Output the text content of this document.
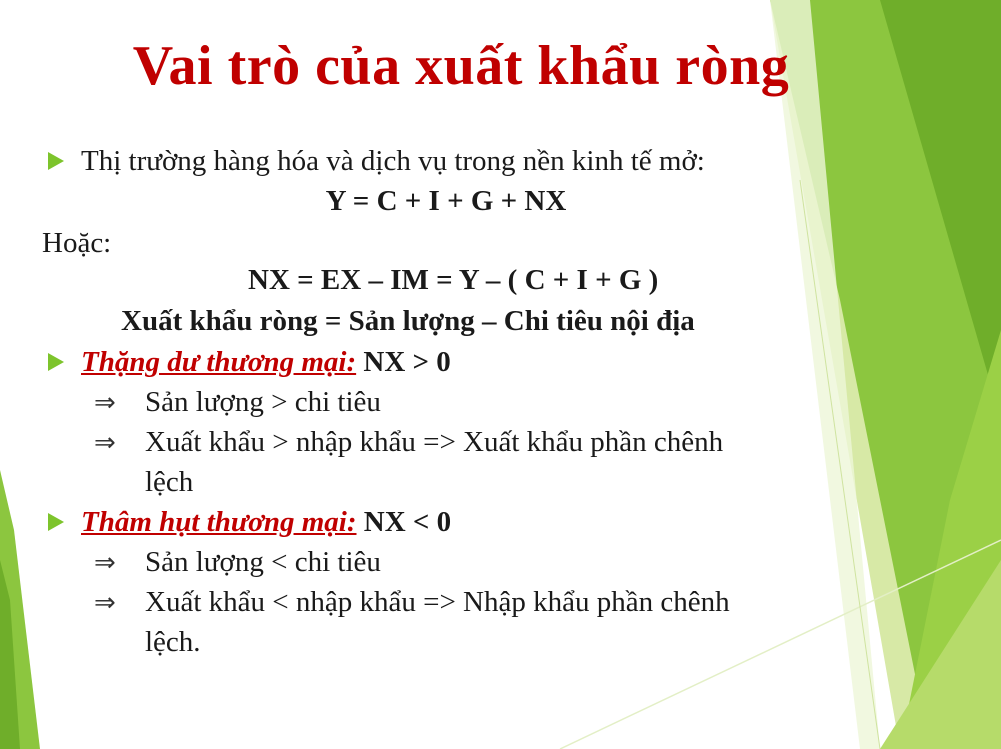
Vai trò của xuất khẩu ròng
Thị trường hàng hóa và dịch vụ trong nền kinh tế mở:
Y = C + I + G + NX
Hoặc:
NX = EX – IM = Y – ( C + I + G )
Xuất khẩu ròng = Sản lượng – Chi tiêu nội địa
Thặng dư thương mại: NX > 0
⇒ Sản lượng > chi tiêu
⇒ Xuất khẩu > nhập khẩu => Xuất khẩu phần chênh
lệch
Thâm hụt thương mại: NX < 0
⇒ Sản lượng < chi tiêu
⇒ Xuất khẩu < nhập khẩu => Nhập khẩu phần chênh
lệch.
